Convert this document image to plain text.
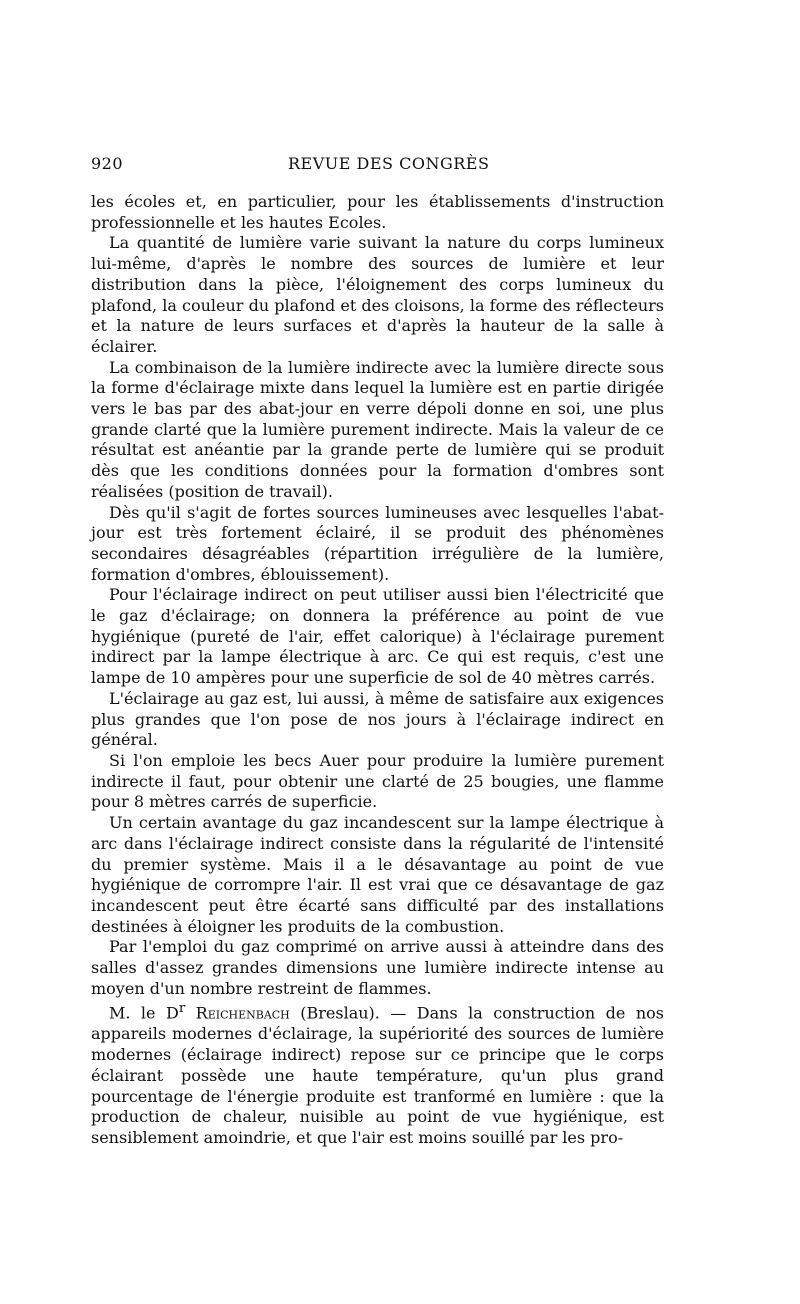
920	REVUE DES CONGRÈS

les écoles et, en particulier, pour les établissements d'instruction professionnelle et les hautes Ecoles.

La quantité de lumière varie suivant la nature du corps lumineux lui-même, d'après le nombre des sources de lumière et leur distribution dans la pièce, l'éloignement des corps lumineux du plafond, la couleur du plafond et des cloisons, la forme des réflecteurs et la nature de leurs surfaces et d'après la hauteur de la salle à éclairer.

La combinaison de la lumière indirecte avec la lumière directe sous la forme d'éclairage mixte dans lequel la lumière est en partie dirigée vers le bas par des abat-jour en verre dépoli donne en soi, une plus grande clarté que la lumière purement indirecte. Mais la valeur de ce résultat est anéantie par la grande perte de lumière qui se produit dès que les conditions données pour la formation d'ombres sont réalisées (position de travail).

Dès qu'il s'agit de fortes sources lumineuses avec lesquelles l'abat-jour est très fortement éclairé, il se produit des phénomènes secondaires désagréables (répartition irrégulière de la lumière, formation d'ombres, éblouissement).

Pour l'éclairage indirect on peut utiliser aussi bien l'électricité que le gaz d'éclairage; on donnera la préférence au point de vue hygiénique (pureté de l'air, effet calorique) à l'éclairage purement indirect par la lampe électrique à arc. Ce qui est requis, c'est une lampe de 10 ampères pour une superficie de sol de 40 mètres carrés.

L'éclairage au gaz est, lui aussi, à même de satisfaire aux exigences plus grandes que l'on pose de nos jours à l'éclairage indirect en général.

Si l'on emploie les becs Auer pour produire la lumière purement indirecte il faut, pour obtenir une clarté de 25 bougies, une flamme pour 8 mètres carrés de superficie.

Un certain avantage du gaz incandescent sur la lampe électrique à arc dans l'éclairage indirect consiste dans la régularité de l'intensité du premier système. Mais il a le désavantage au point de vue hygiénique de corrompre l'air. Il est vrai que ce désavantage de gaz incandescent peut être écarté sans difficulté par des installations destinées à éloigner les produits de la combustion.

Par l'emploi du gaz comprimé on arrive aussi à atteindre dans des salles d'assez grandes dimensions une lumière indirecte intense au moyen d'un nombre restreint de flammes.

M. le $D^r$ Reichenbach (Breslau). — Dans la construction de nos appareils modernes d'éclairage, la supériorité des sources de lumière modernes (éclairage indirect) repose sur ce principe que le corps éclairant possède une haute température, qu'un plus grand pourcentage de l'énergie produite est tranformé en lumière : que la production de chaleur, nuisible au point de vue hygiénique, est sensiblement amoindrie, et que l'air est moins souillé par les pro-
